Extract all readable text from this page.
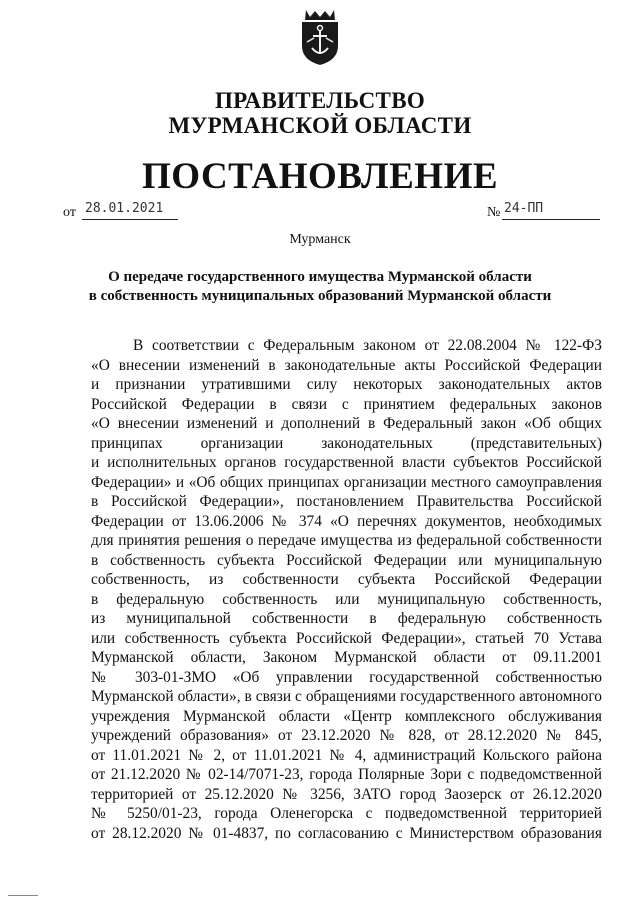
ПРАВИТЕЛЬСТВО
МУРМАНСКОЙ ОБЛАСТИ
ПОСТАНОВЛЕНИЕ
от 28.01.2021	№ 24-ПП
Мурманск
О передаче государственного имущества Мурманской области
в собственность муниципальных образований Мурманской области
В соответствии с Федеральным законом от 22.08.2004 № 122-ФЗ
«О внесении изменений в законодательные акты Российской Федерации
и признании утратившими силу некоторых законодательных актов
Российской Федерации в связи с принятием федеральных законов
«О внесении изменений и дополнений в Федеральный закон «Об общих
принципах организации законодательных (представительных)
и исполнительных органов государственной власти субъектов Российской
Федерации» и «Об общих принципах организации местного самоуправления
в Российской Федерации», постановлением Правительства Российской
Федерации от 13.06.2006 № 374 «О перечнях документов, необходимых
для принятия решения о передаче имущества из федеральной собственности
в собственность субъекта Российской Федерации или муниципальную
собственность, из собственности субъекта Российской Федерации
в федеральную собственность или муниципальную собственность,
из муниципальной собственности в федеральную собственность
или собственность субъекта Российской Федерации», статьей 70 Устава
Мурманской области, Законом Мурманской области от 09.11.2001
№ 303-01-ЗМО «Об управлении государственной собственностью
Мурманской области», в связи с обращениями государственного автономного
учреждения Мурманской области «Центр комплексного обслуживания
учреждений образования» от 23.12.2020 № 828, от 28.12.2020 № 845,
от 11.01.2021 № 2, от 11.01.2021 № 4, администраций Кольского района
от 21.12.2020 № 02-14/7071-23, города Полярные Зори с подведомственной
территорией от 25.12.2020 № 3256, ЗАТО город Заозерск от 26.12.2020
№ 5250/01-23, города Оленегорска с подведомственной территорией
от 28.12.2020 № 01-4837, по согласованию с Министерством образования
